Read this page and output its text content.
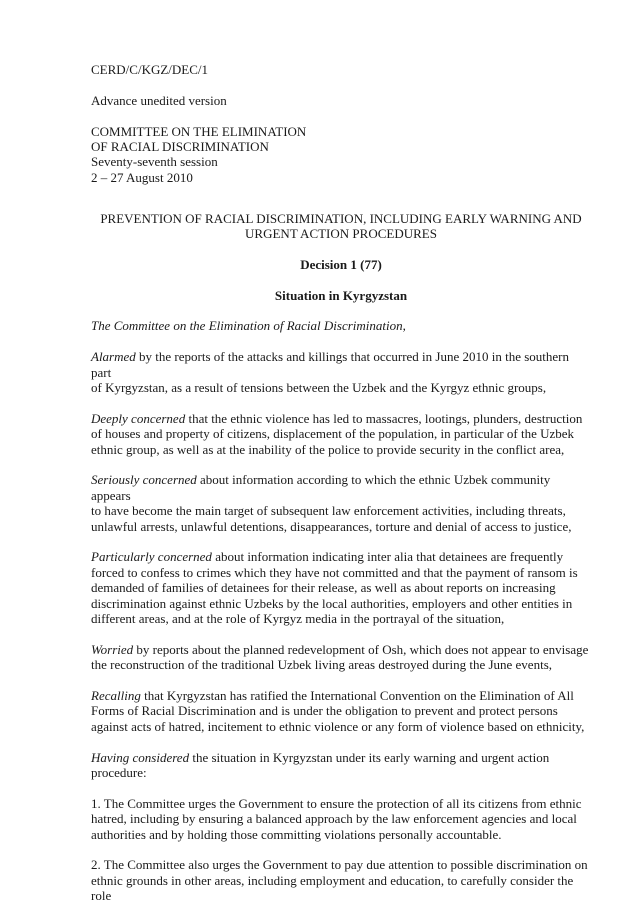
CERD/C/KGZ/DEC/1

Advance unedited version

COMMITTEE ON THE ELIMINATION

OF RACIAL DISCRIMINATION

Seventy-seventh session

2 – 27 August 2010

PREVENTION OF RACIAL DISCRIMINATION, INCLUDING EARLY WARNING AND

URGENT ACTION PROCEDURES

Decision 1 (77)

Situation in Kyrgyzstan

The Committee on the Elimination of Racial Discrimination,

Alarmed by the reports of the attacks and killings that occurred in June 2010 in the southern part

of Kyrgyzstan, as a result of tensions between the Uzbek and the Kyrgyz ethnic groups,

Deeply concerned that the ethnic violence has led to massacres, lootings, plunders, destruction

of houses and property of citizens, displacement of the population, in particular of the Uzbek

ethnic group, as well as at the inability of the police to provide security in the conflict area,

Seriously concerned about information according to which the ethnic Uzbek community appears

to have become the main target of subsequent law enforcement activities, including threats,

unlawful arrests, unlawful detentions, disappearances, torture and denial of access to justice,

Particularly concerned about information indicating inter alia that detainees are frequently

forced to confess to crimes which they have not committed and that the payment of ransom is

demanded of families of detainees for their release, as well as about reports on increasing

discrimination against ethnic Uzbeks by the local authorities, employers and other entities in

different areas, and at the role of Kyrgyz media in the portrayal of the situation,

Worried by reports about the planned redevelopment of Osh, which does not appear to envisage

the reconstruction of the traditional Uzbek living areas destroyed during the June events,

Recalling that Kyrgyzstan has ratified the International Convention on the Elimination of All

Forms of Racial Discrimination and is under the obligation to prevent and protect persons

against acts of hatred, incitement to ethnic violence or any form of violence based on ethnicity,

Having considered the situation in Kyrgyzstan under its early warning and urgent action

procedure:

1. The Committee urges the Government to ensure the protection of all its citizens from ethnic

hatred, including by ensuring a balanced approach by the law enforcement agencies and local

authorities and by holding those committing violations personally accountable.

2. The Committee also urges the Government to pay due attention to possible discrimination on

ethnic grounds in other areas, including employment and education, to carefully consider the role
